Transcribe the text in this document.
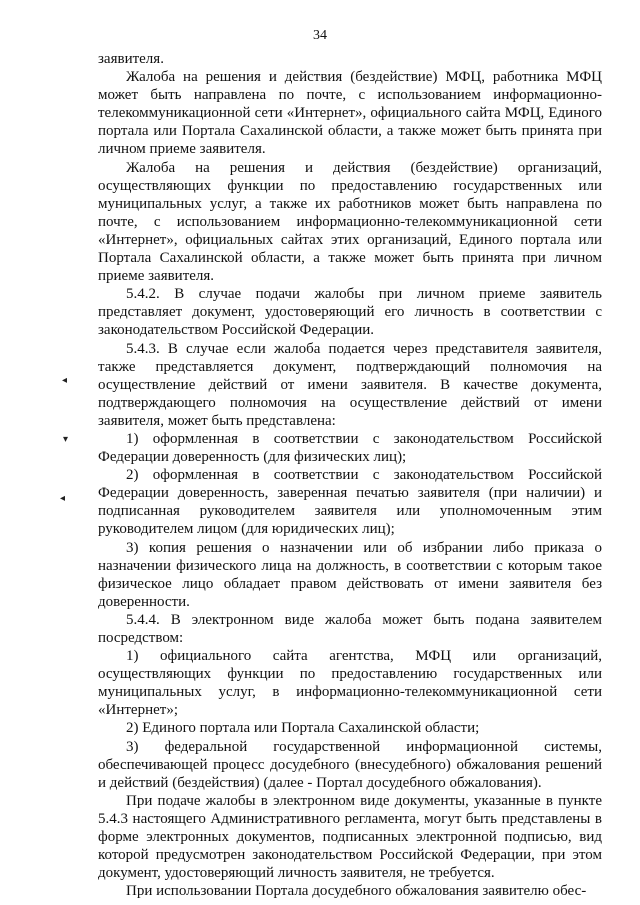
34
◂
▾
◂

заявителя.

Жалоба на решения и действия (бездействие) МФЦ, работника МФЦ может быть направлена по почте, с использованием информационно-телекоммуникационной сети «Интернет», официального сайта МФЦ, Единого портала или Портала Сахалинской области, а также может быть принята при личном приеме заявителя.

Жалоба на решения и действия (бездействие) организаций, осуществляющих функции по предоставлению государственных или муниципальных услуг, а также их работников может быть направлена по почте, с использованием информационно-телекоммуникационной сети «Интернет», официальных сайтах этих организаций, Единого портала или Портала Сахалинской области, а также может быть принята при личном приеме заявителя.

5.4.2. В случае подачи жалобы при личном приеме заявитель представляет документ, удостоверяющий его личность в соответствии с законодательством Российской Федерации.

5.4.3. В случае если жалоба подается через представителя заявителя, также представляется документ, подтверждающий полномочия на осуществление действий от имени заявителя. В качестве документа, подтверждающего полномочия на осуществление действий от имени заявителя, может быть представлена:

1) оформленная в соответствии с законодательством Российской Федерации доверенность (для физических лиц);

2) оформленная в соответствии с законодательством Российской Федерации доверенность, заверенная печатью заявителя (при наличии) и подписанная руководителем заявителя или уполномоченным этим руководителем лицом (для юридических лиц);

3) копия решения о назначении или об избрании либо приказа о назначении физического лица на должность, в соответствии с которым такое физическое лицо обладает правом действовать от имени заявителя без доверенности.

5.4.4. В электронном виде жалоба может быть подана заявителем посредством:

1) официального сайта агентства, МФЦ или организаций, осуществляющих функции по предоставлению государственных или муниципальных услуг, в информационно-телекоммуникационной сети «Интернет»;

2) Единого портала или Портала Сахалинской области;

3) федеральной государственной информационной системы, обеспечивающей процесс досудебного (внесудебного) обжалования решений и действий (бездействия) (далее - Портал досудебного обжалования).

При подаче жалобы в электронном виде документы, указанные в пункте 5.4.3 настоящего Административного регламента, могут быть представлены в форме электронных документов, подписанных электронной подписью, вид которой предусмотрен законодательством Российской Федерации, при этом документ, удостоверяющий личность заявителя, не требуется.

При использовании Портала досудебного обжалования заявителю обес-
